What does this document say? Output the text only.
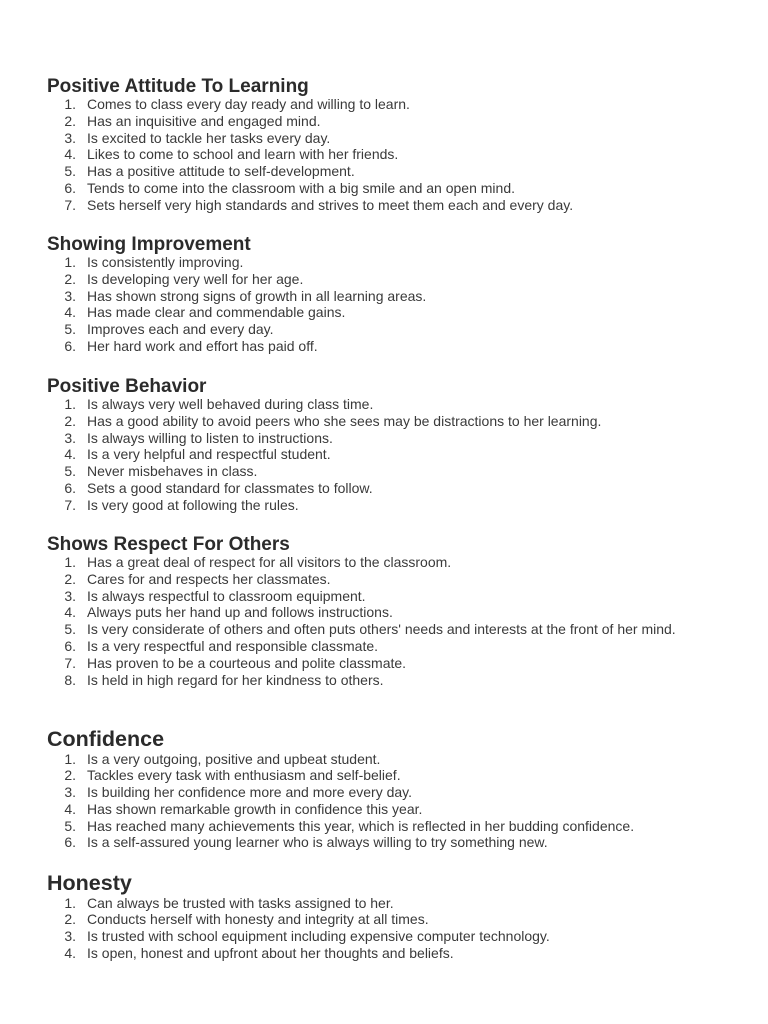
Positive Attitude To Learning
1. Comes to class every day ready and willing to learn.
2. Has an inquisitive and engaged mind.
3. Is excited to tackle her tasks every day.
4. Likes to come to school and learn with her friends.
5. Has a positive attitude to self-development.
6. Tends to come into the classroom with a big smile and an open mind.
7. Sets herself very high standards and strives to meet them each and every day.
Showing Improvement
1. Is consistently improving.
2. Is developing very well for her age.
3. Has shown strong signs of growth in all learning areas.
4. Has made clear and commendable gains.
5. Improves each and every day.
6. Her hard work and effort has paid off.
Positive Behavior
1. Is always very well behaved during class time.
2. Has a good ability to avoid peers who she sees may be distractions to her learning.
3. Is always willing to listen to instructions.
4. Is a very helpful and respectful student.
5. Never misbehaves in class.
6. Sets a good standard for classmates to follow.
7. Is very good at following the rules.
Shows Respect For Others
1. Has a great deal of respect for all visitors to the classroom.
2. Cares for and respects her classmates.
3. Is always respectful to classroom equipment.
4. Always puts her hand up and follows instructions.
5. Is very considerate of others and often puts others' needs and interests at the front of her mind.
6. Is a very respectful and responsible classmate.
7. Has proven to be a courteous and polite classmate.
8. Is held in high regard for her kindness to others.
Confidence
1. Is a very outgoing, positive and upbeat student.
2. Tackles every task with enthusiasm and self-belief.
3. Is building her confidence more and more every day.
4. Has shown remarkable growth in confidence this year.
5. Has reached many achievements this year, which is reflected in her budding confidence.
6. Is a self-assured young learner who is always willing to try something new.
Honesty
1. Can always be trusted with tasks assigned to her.
2. Conducts herself with honesty and integrity at all times.
3. Is trusted with school equipment including expensive computer technology.
4. Is open, honest and upfront about her thoughts and beliefs.
